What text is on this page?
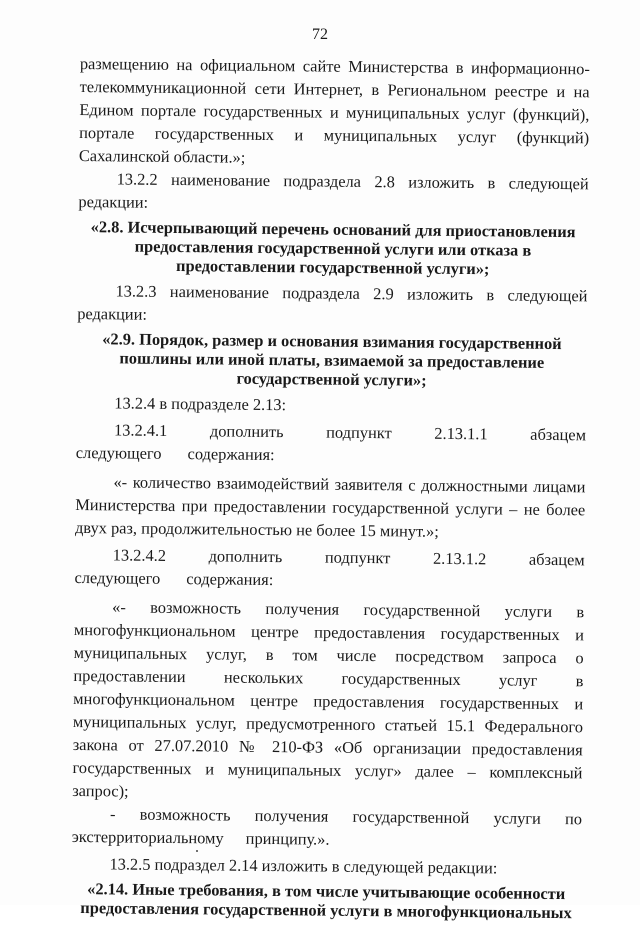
72

размещению на официальном сайте Министерства в информационно-телекоммуникационной сети Интернет, в Региональном реестре и на Едином портале государственных и муниципальных услуг (функций), портале государственных и муниципальных услуг (функций) Сахалинской области.»;

13.2.2 наименование подраздела 2.8 изложить в следующей редакции:

«2.8. Исчерпывающий перечень оснований для приостановления предоставления государственной услуги или отказа в предоставлении государственной услуги»;

13.2.3 наименование подраздела 2.9 изложить в следующей редакции:

«2.9. Порядок, размер и основания взимания государственной пошлины или иной платы, взимаемой за предоставление государственной услуги»;

13.2.4 в подразделе 2.13:

13.2.4.1 дополнить подпункт 2.13.1.1 абзацем следующего содержания:

«- количество взаимодействий заявителя с должностными лицами Министерства при предоставлении государственной услуги – не более двух раз, продолжительностью не более 15 минут.»;

13.2.4.2 дополнить подпункт 2.13.1.2 абзацем следующего содержания:

«- возможность получения государственной услуги в многофункциональном центре предоставления государственных и муниципальных услуг, в том числе посредством запроса о предоставлении нескольких государственных услуг в многофункциональном центре предоставления государственных и муниципальных услуг, предусмотренного статьей 15.1 Федерального закона от 27.07.2010 № 210-ФЗ «Об организации предоставления государственных и муниципальных услуг» далее – комплексный запрос);

- возможность получения государственной услуги по экстерриториальному принципу.».

13.2.5 подраздел 2.14 изложить в следующей редакции:

«2.14. Иные требования, в том числе учитывающие особенности предоставления государственной услуги в многофункциональных
